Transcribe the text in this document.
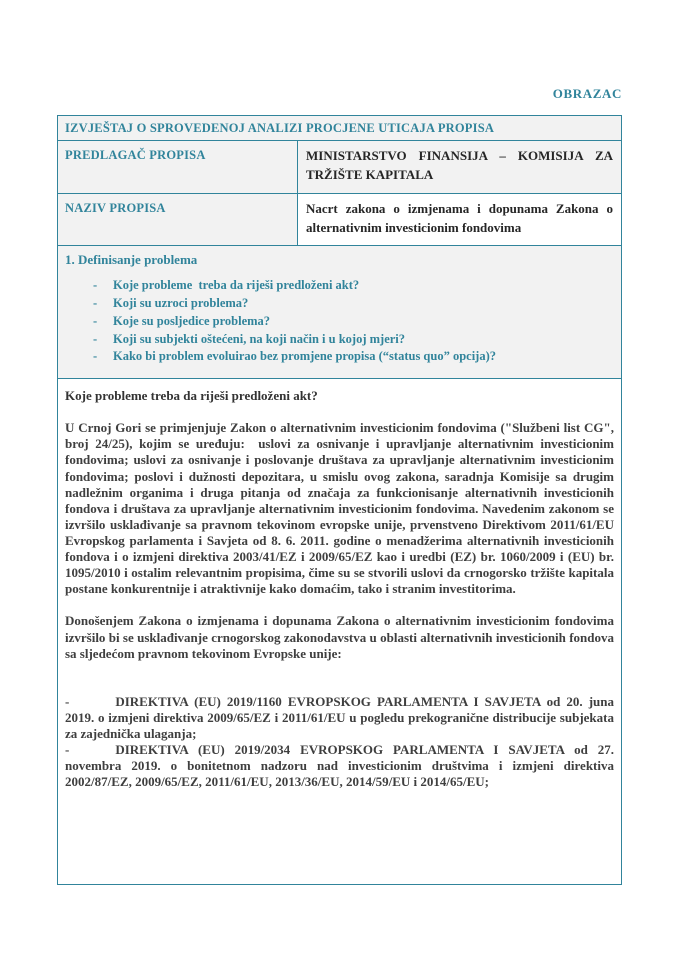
OBRAZAC
IZVJEŠTAJ O SPROVEDENOJ ANALIZI PROCJENE UTICAJA PROPISA
PREDLAGAČ PROPISA	MINISTARSTVO FINANSIJA – KOMISIJA ZA TRŽIŠTE KAPITALA
NAZIV PROPISA	Nacrt zakona o izmjenama i dopunama Zakona o alternativnim investicionim fondovima
1. Definisanje problema
-	Koje probleme  treba da riješi predloženi akt?
-	Koji su uzroci problema?
-	Koje su posljedice problema?
-	Koji su subjekti oštećeni, na koji način i u kojoj mjeri?
-	Kako bi problem evoluirao bez promjene propisa (“status quo” opcija)?

Koje probleme treba da riješi predloženi akt?

U Crnoj Gori se primjenjuje Zakon o alternativnim investicionim fondovima ("Službeni list CG", broj 24/25), kojim se uređuju:  uslovi za osnivanje i upravljanje alternativnim investicionim fondovima; uslovi za osnivanje i poslovanje društava za upravljanje alternativnim investicionim fondovima; poslovi i dužnosti depozitara, u smislu ovog zakona, saradnja Komisije sa drugim nadležnim organima i druga pitanja od značaja za funkcionisanje alternativnih investicionih fondova i društava za upravljanje alternativnim investicionim fondovima. Navedenim zakonom se izvršilo usklađivanje sa pravnom tekovinom evropske unije, prvenstveno Direktivom 2011/61/EU Evropskog parlamenta i Savjeta od 8. 6. 2011. godine o menadžerima alternativnih investicionih fondova i o izmjeni direktiva 2003/41/EZ i 2009/65/EZ kao i uredbi (EZ) br. 1060/2009 i (EU) br. 1095/2010 i ostalim relevantnim propisima, čime su se stvorili uslovi da crnogorsko tržište kapitala postane konkurentnije i atraktivnije kako domaćim, tako i stranim investitorima.

Donošenjem Zakona o izmjenama i dopunama Zakona o alternativnim investicionim fondovima izvršilo bi se usklađivanje crnogorskog zakonodavstva u oblasti alternativnih investicionih fondova sa sljedećom pravnom tekovinom Evropske unije:

-	DIREKTIVA (EU) 2019/1160 EVROPSKOG PARLAMENTA I SAVJETA od 20. juna 2019. o izmjeni direktiva 2009/65/EZ i 2011/61/EU u pogledu prekogranične distribucije subjekata za zajednička ulaganja;

-	DIREKTIVA (EU) 2019/2034 EVROPSKOG PARLAMENTA I SAVJETA od 27. novembra 2019. o bonitetnom nadzoru nad investicionim društvima i izmjeni direktiva 2002/87/EZ, 2009/65/EZ, 2011/61/EU, 2013/36/EU, 2014/59/EU i 2014/65/EU;
